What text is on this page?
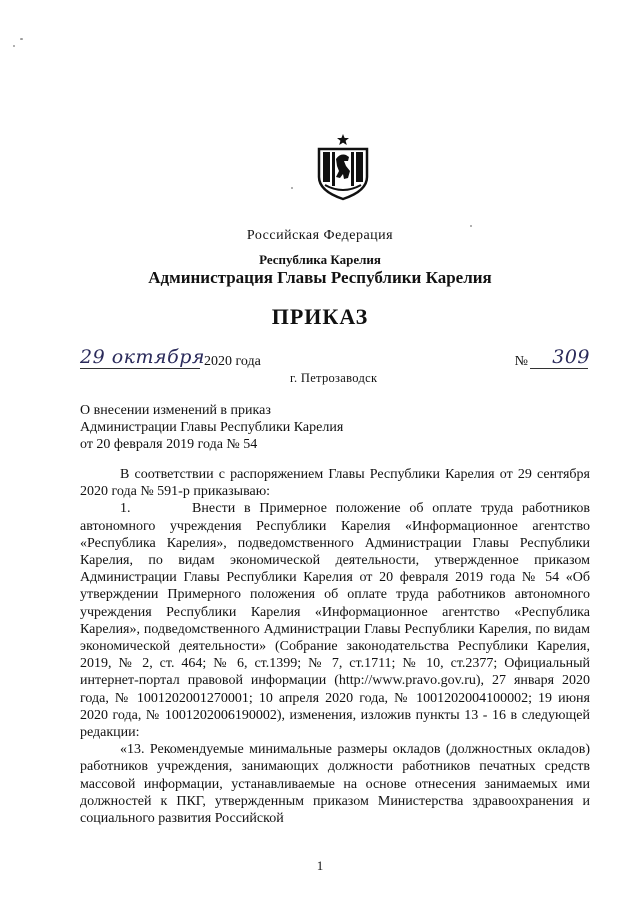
Российская Федерация
Республика Карелия
Администрация Главы Республики Карелия
ПРИКАЗ
29 октября 2020 года	№ 309
г. Петрозаводск
О внесении изменений в приказ
Администрации Главы Республики Карелия
от 20 февраля 2019 года № 54

В соответствии с распоряжением Главы Республики Карелия от 29 сентября 2020 года № 591-р приказываю:

1.       Внести в Примерное положение об оплате труда работников автономного учреждения Республики Карелия «Информационное агентство «Республика Карелия», подведомственного Администрации Главы Республики Карелия, по видам экономической деятельности, утвержденное приказом Администрации Главы Республики Карелия от 20 февраля 2019 года № 54 «Об утверждении Примерного положения об оплате труда работников автономного учреждения Республики Карелия «Информационное агентство «Республика Карелия», подведомственного Администрации Главы Республики Карелия, по видам экономической деятельности» (Собрание законодательства Республики Карелия, 2019, № 2, ст. 464; № 6, ст.1399; № 7, ст.1711; № 10, ст.2377; Официальный интернет-портал правовой информации (http://www.pravo.gov.ru), 27 января 2020 года, № 1001202001270001; 10 апреля 2020 года, № 1001202004100002; 19 июня 2020 года, № 1001202006190002), изменения, изложив пункты 13 - 16 в следующей редакции:

«13. Рекомендуемые минимальные размеры окладов (должностных окладов) работников учреждения, занимающих должности работников печатных средств массовой информации, устанавливаемые на основе отнесения занимаемых ими должностей к ПКГ, утвержденным приказом Министерства здравоохранения и социального развития Российской

1
